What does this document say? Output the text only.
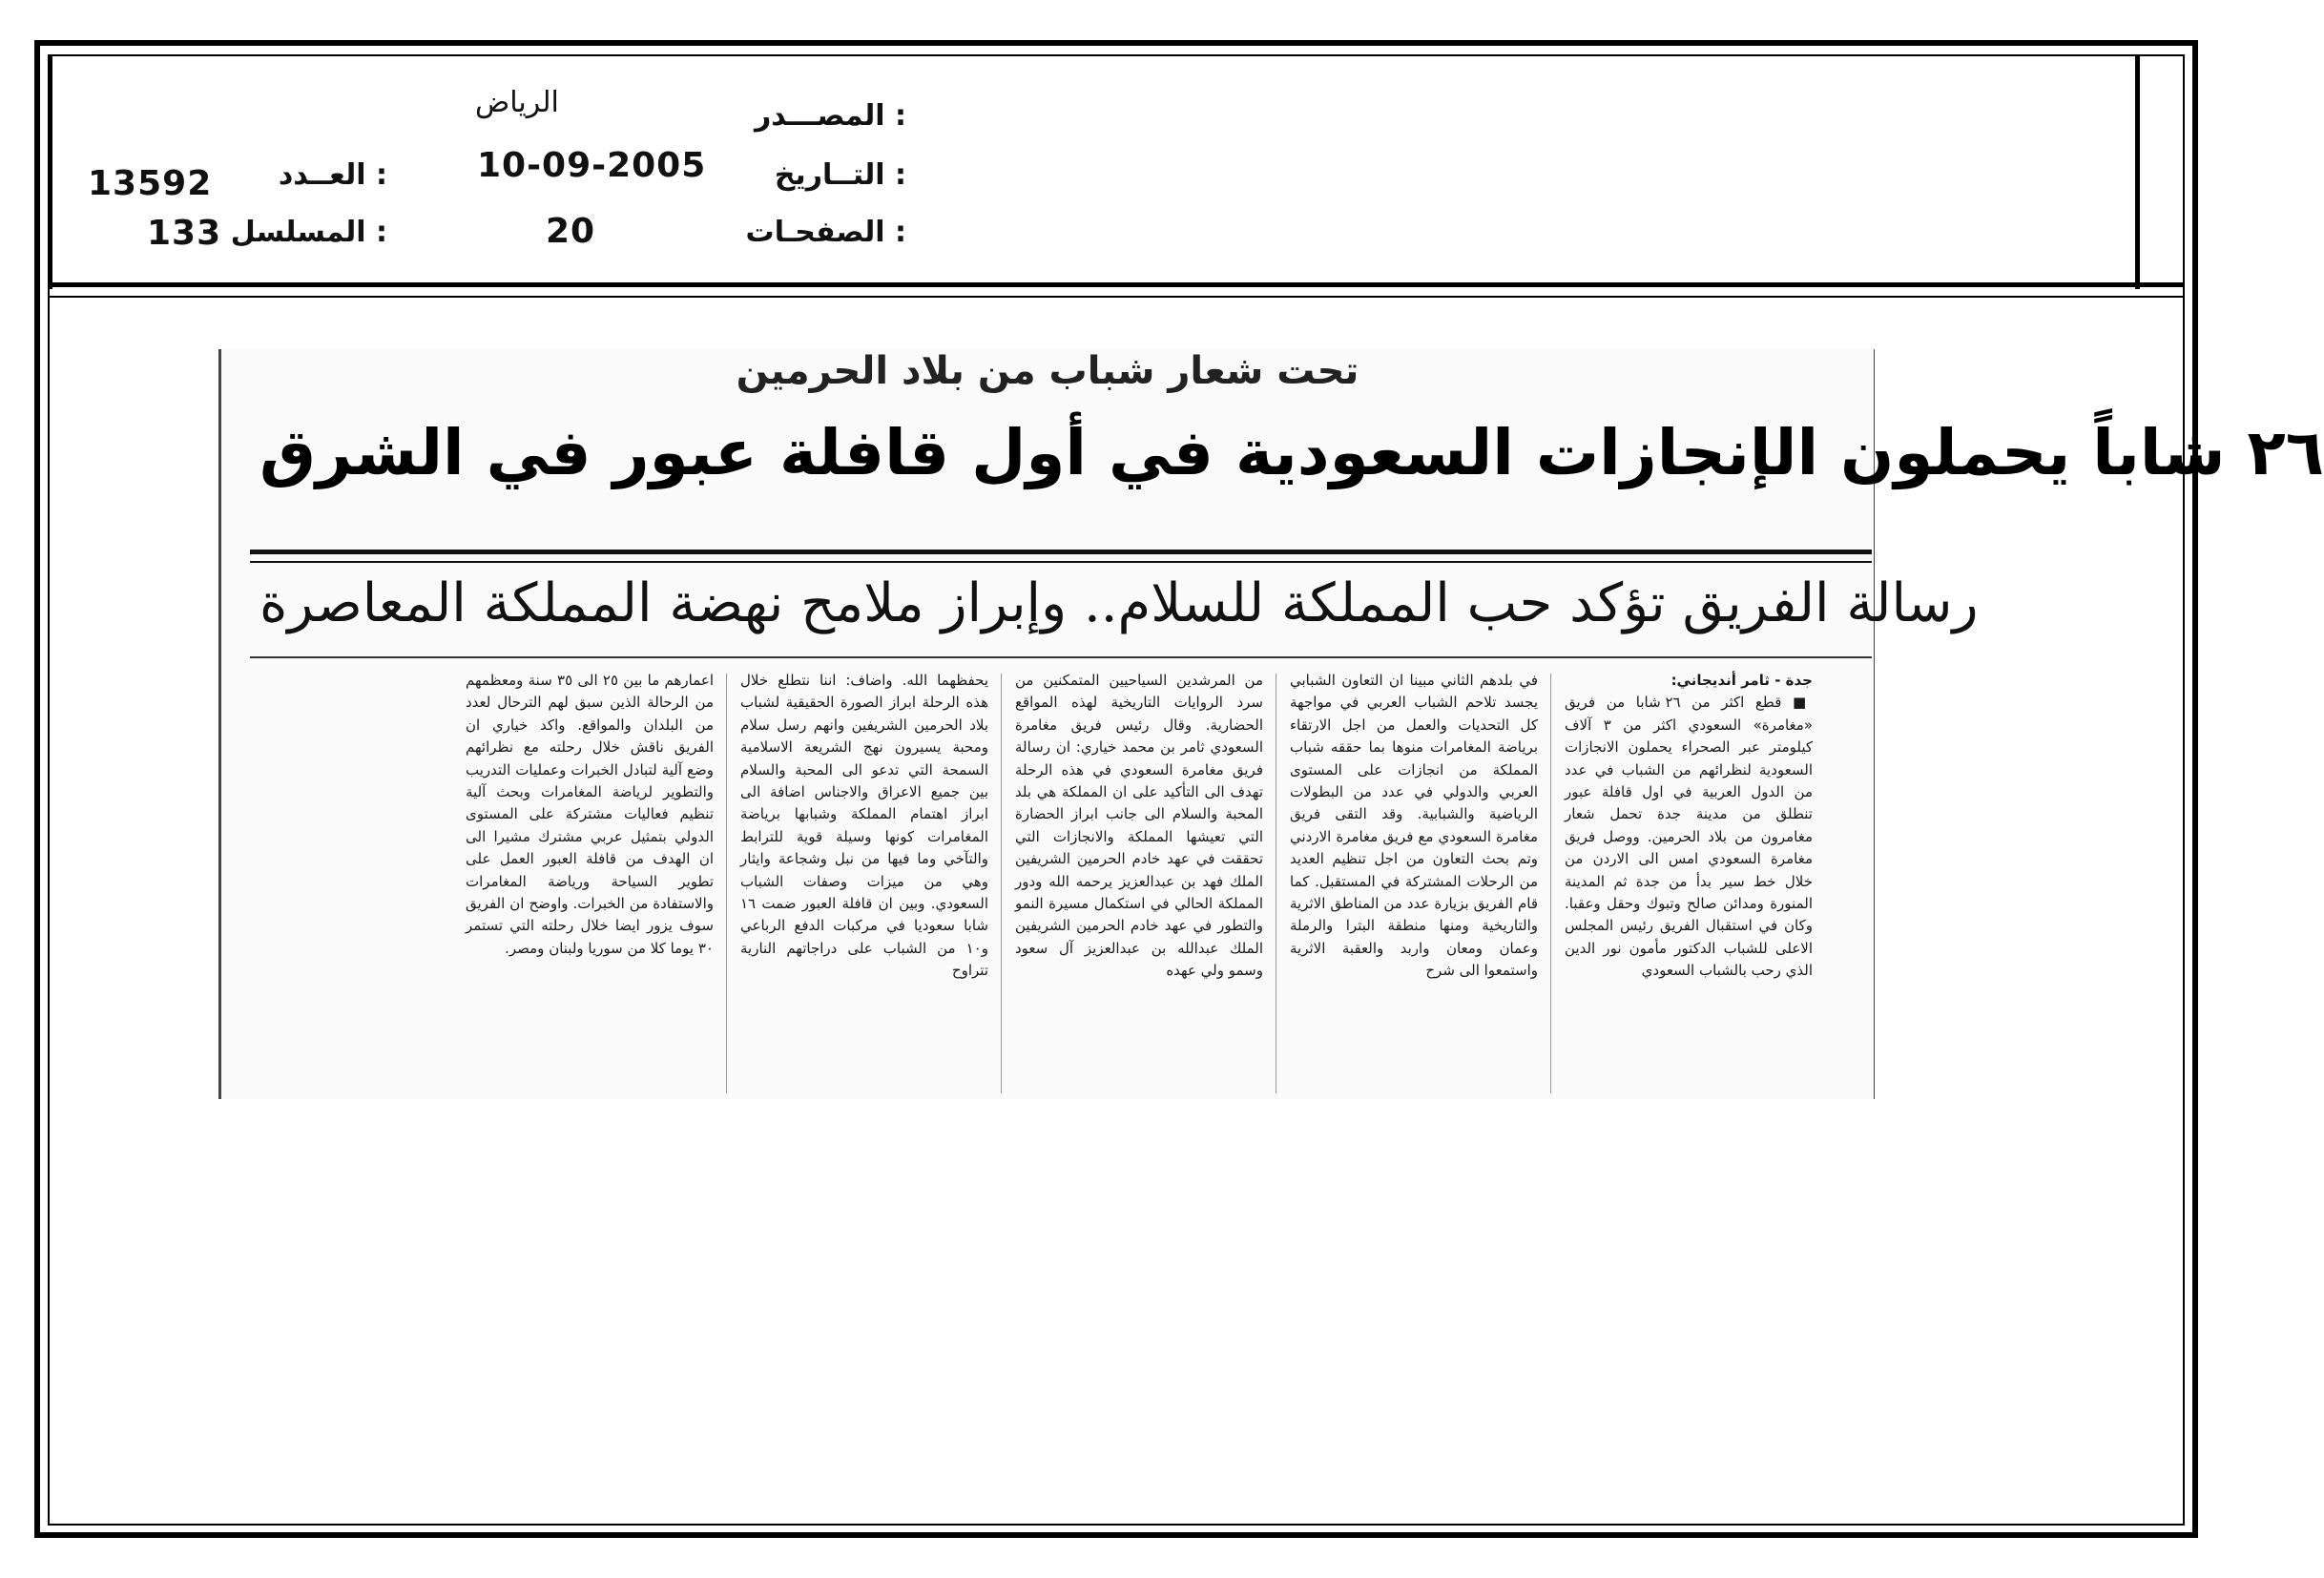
المصـــدر :
الرياض
التــاريخ :
10-09-2005
الصفحـات :
20
العــدد :
13592
المسلسل :
133
تحت شعار شباب من بلاد الحرمين
٢٦ شاباً يحملون الإنجازات السعودية في أول قافلة عبور في الشرق
رسالة الفريق تؤكد حب المملكة للسلام.. وإبراز ملامح نهضة المملكة المعاصرة

جدة - ثامر أنديجاني:

■ قطع اكثر من ٢٦ شابا من فريق «مغامرة» السعودي اكثر من ٣ آلاف كيلومتر عبر الصحراء يحملون الانجازات السعودية لنظرائهم من الشباب في عدد من الدول العربية في اول قافلة عبور تنطلق من مدينة جدة تحمل شعار مغامرون من بلاد الحرمين. ووصل فريق مغامرة السعودي امس الى الاردن من خلال خط سير بدأ من جدة ثم المدينة المنورة ومدائن صالح وتبوك وحقل وعقبا. وكان في استقبال الفريق رئيس المجلس الاعلى للشباب الدكتور مأمون نور الدين الذي رحب بالشباب السعودي

في بلدهم الثاني مبينا ان التعاون الشبابي يجسد تلاحم الشباب العربي في مواجهة كل التحديات والعمل من اجل الارتقاء برياضة المغامرات منوها بما حققه شباب المملكة من انجازات على المستوى العربي والدولي في عدد من البطولات الرياضية والشبابية. وقد التقى فريق مغامرة السعودي مع فريق مغامرة الاردني وتم بحث التعاون من اجل تنظيم العديد من الرحلات المشتركة في المستقبل. كما قام الفريق بزيارة عدد من المناطق الاثرية والتاريخية ومنها منطقة البترا والرملة وعمان ومعان واربد والعقبة الاثرية واستمعوا الى شرح

من المرشدين السياحيين المتمكنين من سرد الروايات التاريخية لهذه المواقع الحضارية. وقال رئيس فريق مغامرة السعودي ثامر بن محمد خياري: ان رسالة فريق مغامرة السعودي في هذه الرحلة تهدف الى التأكيد على ان المملكة هي بلد المحبة والسلام الى جانب ابراز الحضارة التي تعيشها المملكة والانجازات التي تحققت في عهد خادم الحرمين الشريفين الملك فهد بن عبدالعزيز يرحمه الله ودور المملكة الحالي في استكمال مسيرة النمو والتطور في عهد خادم الحرمين الشريفين الملك عبدالله بن عبدالعزيز آل سعود وسمو ولي عهده

يحفظهما الله. واضاف: اننا نتطلع خلال هذه الرحلة ابراز الصورة الحقيقية لشباب بلاد الحرمين الشريفين وانهم رسل سلام ومحبة يسيرون نهج الشريعة الاسلامية السمحة التي تدعو الى المحبة والسلام بين جميع الاعراق والاجناس اضافة الى ابراز اهتمام المملكة وشبابها برياضة المغامرات كونها وسيلة قوية للترابط والتآخي وما فيها من نبل وشجاعة وايثار وهي من ميزات وصفات الشباب السعودي. وبين ان قافلة العبور ضمت ١٦ شابا سعوديا في مركبات الدفع الرباعي و١٠ من الشباب على دراجاتهم النارية تتراوح

اعمارهم ما بين ٢٥ الى ٣٥ سنة ومعظمهم من الرحالة الذين سبق لهم الترحال لعدد من البلدان والمواقع. واكد خياري ان الفريق ناقش خلال رحلته مع نظرائهم وضع آلية لتبادل الخبرات وعمليات التدريب والتطوير لرياضة المغامرات وبحث آلية تنظيم فعاليات مشتركة على المستوى الدولي بتمثيل عربي مشترك مشيرا الى ان الهدف من قافلة العبور العمل على تطوير السياحة ورياضة المغامرات والاستفادة من الخبرات. واوضح ان الفريق سوف يزور ايضا خلال رحلته التي تستمر ٣٠ يوما كلا من سوريا ولبنان ومصر.
